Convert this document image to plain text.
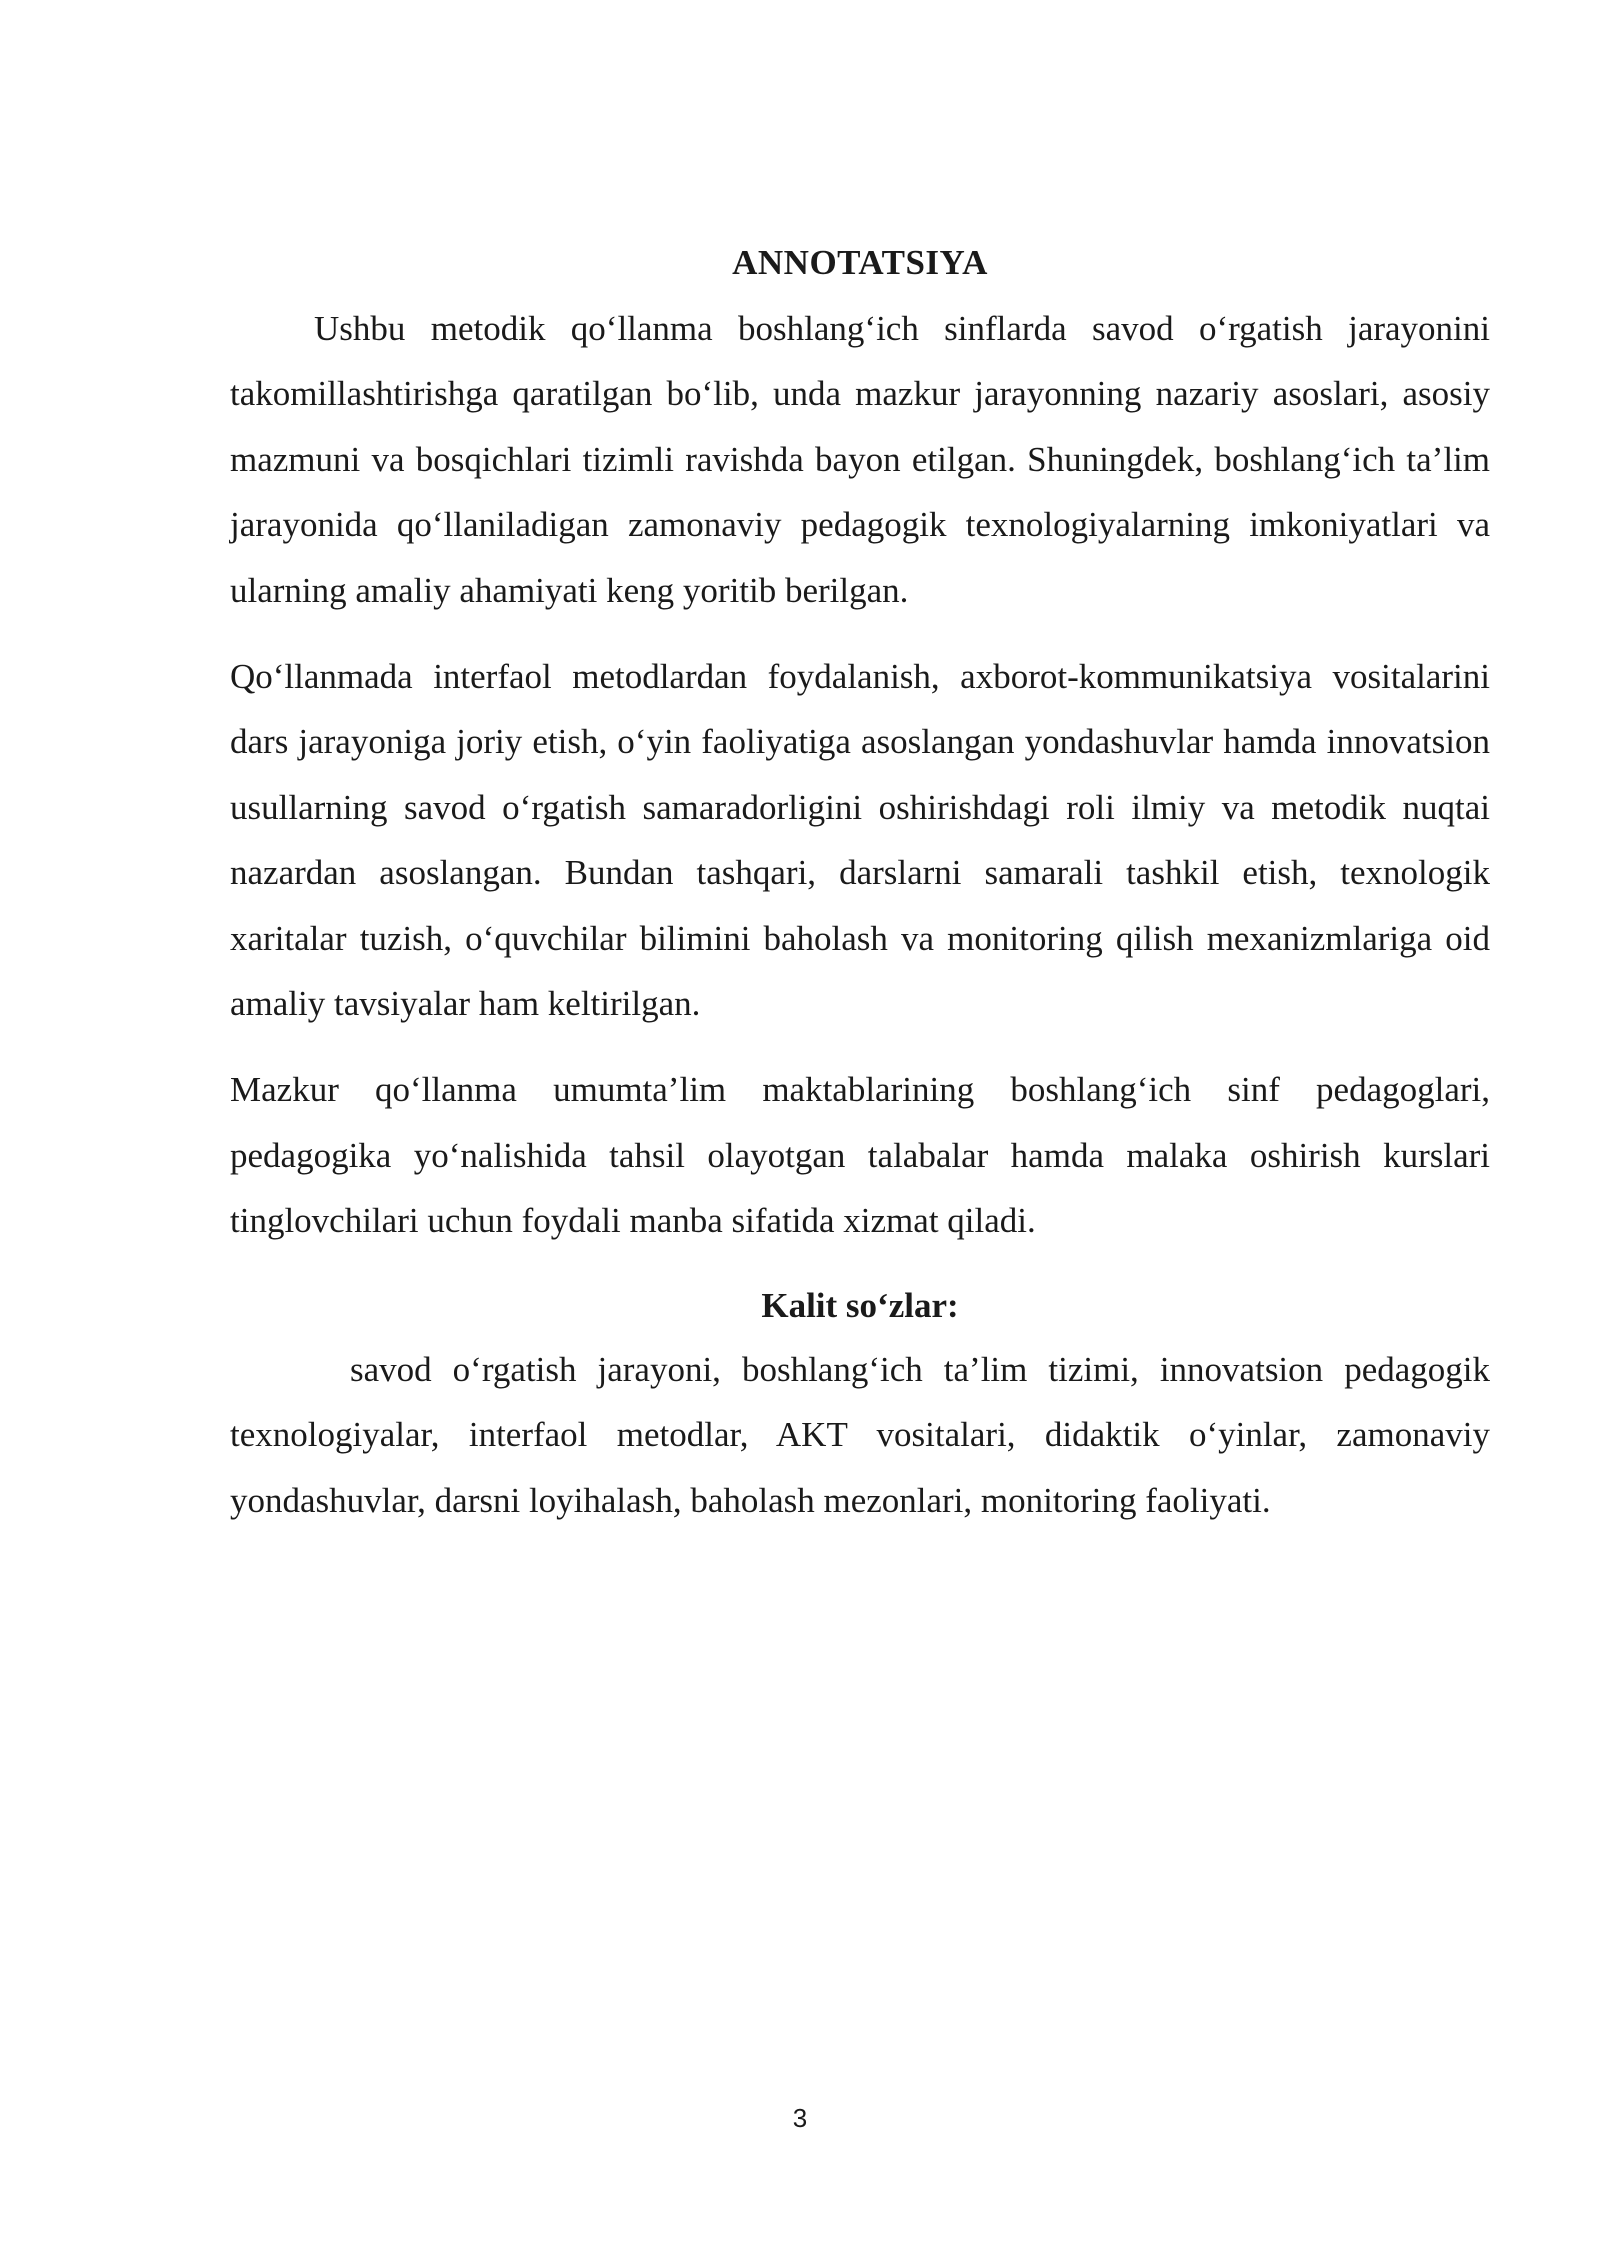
ANNOTATSIYA

Ushbu metodik qo‘llanma boshlang‘ich sinflarda savod o‘rgatish jarayonini takomillashtirishga qaratilgan bo‘lib, unda mazkur jarayonning nazariy asoslari, asosiy mazmuni va bosqichlari tizimli ravishda bayon etilgan. Shuningdek, boshlang‘ich ta’lim jarayonida qo‘llaniladigan zamonaviy pedagogik texnologiyalarning imkoniyatlari va ularning amaliy ahamiyati keng yoritib berilgan.

Qo‘llanmada interfaol metodlardan foydalanish, axborot-kommunikatsiya vositalarini dars jarayoniga joriy etish, o‘yin faoliyatiga asoslangan yondashuvlar hamda innovatsion usullarning savod o‘rgatish samaradorligini oshirishdagi roli ilmiy va metodik nuqtai nazardan asoslangan. Bundan tashqari, darslarni samarali tashkil etish, texnologik xaritalar tuzish, o‘quvchilar bilimini baholash va monitoring qilish mexanizmlariga oid amaliy tavsiyalar ham keltirilgan.

Mazkur qo‘llanma umumta’lim maktablarining boshlang‘ich sinf pedagoglari, pedagogika yo‘nalishida tahsil olayotgan talabalar hamda malaka oshirish kurslari tinglovchilari uchun foydali manba sifatida xizmat qiladi.

Kalit so‘zlar:

savod o‘rgatish jarayoni, boshlang‘ich ta’lim tizimi, innovatsion pedagogik texnologiyalar, interfaol metodlar, AKT vositalari, didaktik o‘yinlar, zamonaviy yondashuvlar, darsni loyihalash, baholash mezonlari, monitoring faoliyati.

3
